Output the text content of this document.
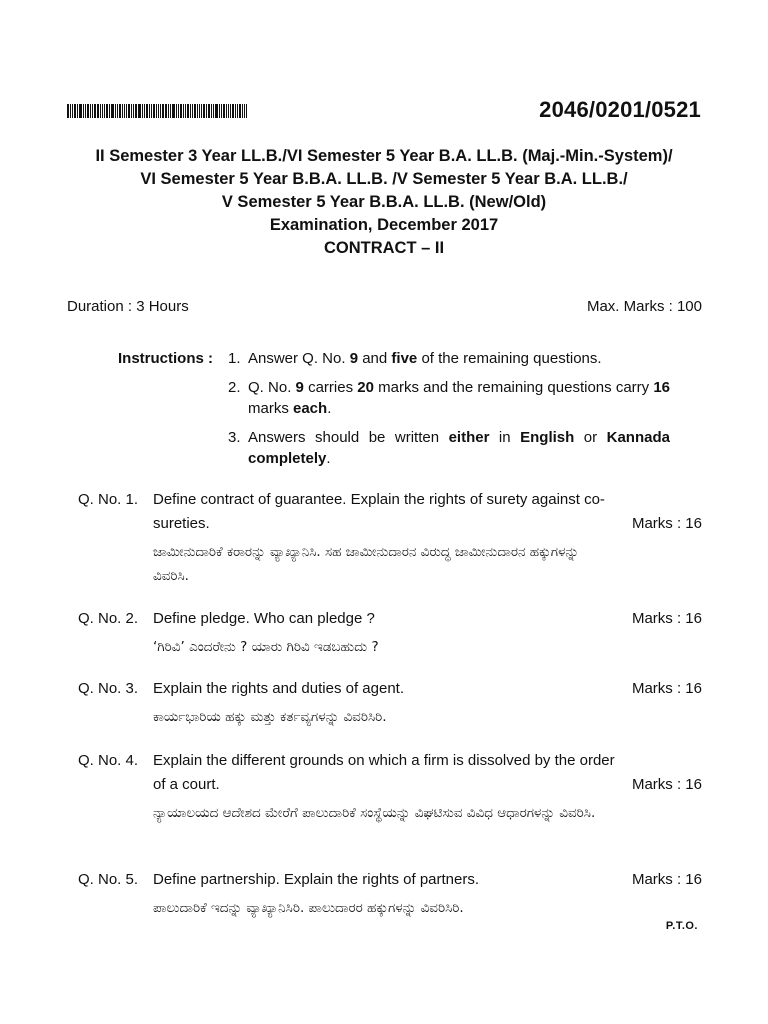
2046/0201/0521
II Semester 3 Year LL.B./VI Semester 5 Year B.A. LL.B. (Maj.-Min.-System)/
VI Semester 5 Year B.B.A. LL.B. /V Semester 5 Year B.A. LL.B./
V Semester 5 Year B.B.A. LL.B. (New/Old)
Examination, December 2017
CONTRACT – II
Duration : 3 Hours	Max. Marks : 100
Instructions : 1. Answer Q. No. 9 and five of the remaining questions.
2. Q. No. 9 carries 20 marks and the remaining questions carry 16 marks each.
3. Answers should be written either in English or Kannada completely.
Q. No. 1. Define contract of guarantee. Explain the rights of surety against co-sureties.
ಜಾಮೀನುದಾರಿಕೆ ಕರಾರನ್ನು ವ್ಯಾಖ್ಯಾನಿಸಿ. ಸಹ ಜಾಮೀನುದಾರನ ವಿರುದ್ಧ ಜಾಮೀನುದಾರನ ಹಕ್ಕುಗಳನ್ನು ವಿವರಿಸಿ.
Marks : 16
Q. No. 2. Define pledge. Who can pledge ?
‘ಗಿರಿವಿ’ ಎಂದರೇನು ? ಯಾರು ಗಿರಿವಿ ಇಡಬಹುದು ?
Marks : 16
Q. No. 3. Explain the rights and duties of agent.
ಕಾರ್ಯಭಾರಿಯ ಹಕ್ಕು ಮತ್ತು ಕರ್ತವ್ಯಗಳನ್ನು ವಿವರಿಸಿರಿ.
Marks : 16
Q. No. 4. Explain the different grounds on which a firm is dissolved by the order of a court.
ನ್ಯಾಯಾಲಯದ ಆದೇಶದ ಮೇರೆಗೆ ಪಾಲುದಾರಿಕೆ ಸಂಸ್ಥೆಯನ್ನು ವಿಘಟಿಸುವ ವಿವಿಧ ಆಧಾರಗಳನ್ನು ವಿವರಿಸಿ.
Marks : 16
Q. No. 5. Define partnership. Explain the rights of partners.
ಪಾಲುದಾರಿಕೆ ಇದನ್ನು ವ್ಯಾಖ್ಯಾನಿಸಿರಿ. ಪಾಲುದಾರರ ಹಕ್ಕುಗಳನ್ನು ವಿವರಿಸಿರಿ.
Marks : 16
P.T.O.
